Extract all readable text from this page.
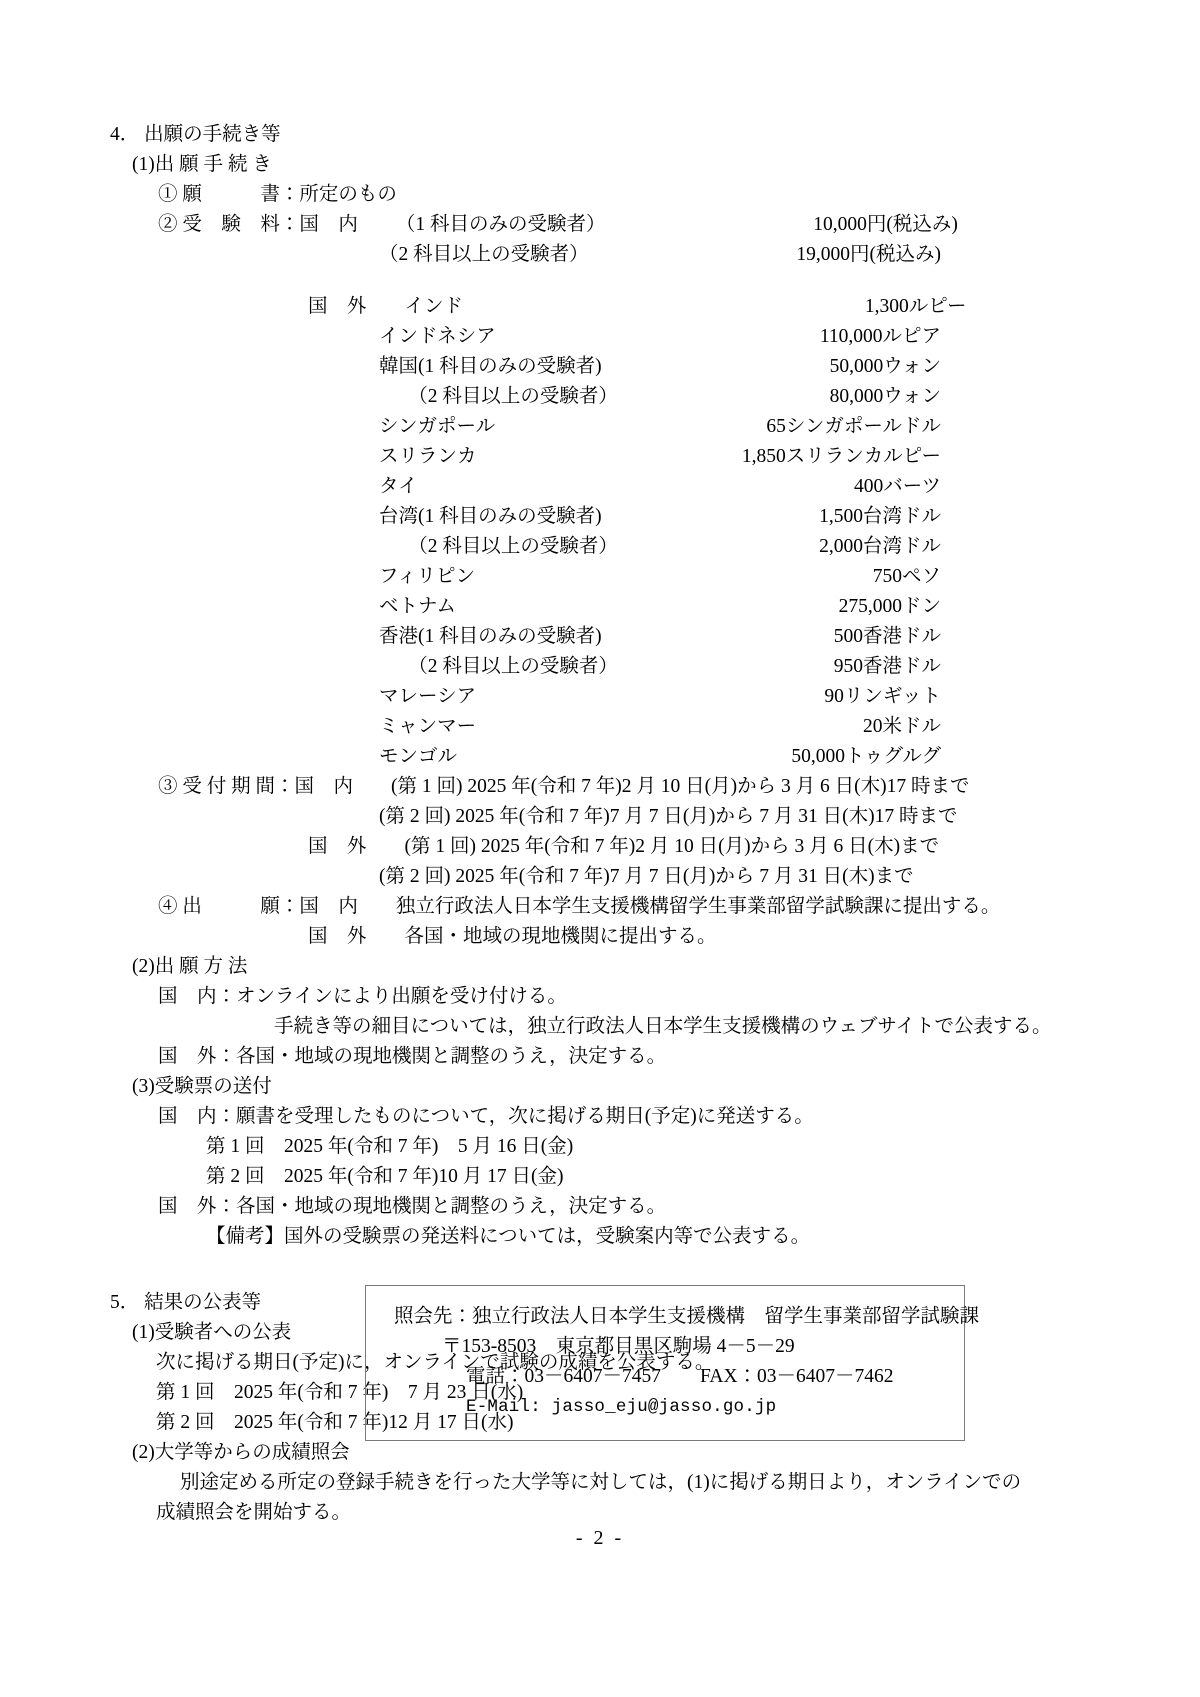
4． 出願の手続き等
(1)出 願 手 続 き
① 願　　　書：所定のもの
② 受　験　料： 国　内
（1 科目のみの受験者）	10,000円(税込み)

（2 科目以上の受験者）	19,000円(税込み)

国　外
インド	1,300ルピー

インドネシア	110,000ルピア

韓国(1 科目のみの受験者)	50,000ウォン

　　（2 科目以上の受験者）	80,000ウォン

シンガポール	65シンガポールドル

スリランカ	1,850スリランカルピー

タイ	400バーツ

台湾(1 科目のみの受験者)	1,500台湾ドル

　　（2 科目以上の受験者）	2,000台湾ドル

フィリピン	750ペソ

ベトナム	275,000ドン

香港(1 科目のみの受験者)	500香港ドル

　　（2 科目以上の受験者）	950香港ドル

マレーシア	90リンギット

ミャンマー	20米ドル

モンゴル	50,000トゥグルグ
③ 受 付 期 間： 国　内
(第 1 回) 2025 年(令和 7 年)2 月 10 日(月)から 3 月 6 日(木)17 時まで

(第 2 回) 2025 年(令和 7 年)7 月 7 日(月)から 7 月 31 日(木)17 時まで

国　外
(第 1 回) 2025 年(令和 7 年)2 月 10 日(月)から 3 月 6 日(木)まで

(第 2 回) 2025 年(令和 7 年)7 月 7 日(月)から 7 月 31 日(木)まで
④ 出　　　願： 国　内
独立行政法人日本学生支援機構留学生事業部留学試験課に提出する。

国　外
各国・地域の現地機関に提出する。
(2)出 願 方 法
国　内： オンラインにより出願を受け付ける。

手続き等の細目については，独立行政法人日本学生支援機構のウェブサイトで公表する。
国　外： 各国・地域の現地機関と調整のうえ，決定する。
(3)受験票の送付
国　内： 願書を受理したものについて，次に掲げる期日(予定)に発送する。
第 1 回　2025 年(令和 7 年)　5 月 16 日(金)
第 2 回　2025 年(令和 7 年)10 月 17 日(金)
国　外： 各国・地域の現地機関と調整のうえ，決定する。
【備考】国外の受験票の発送料については，受験案内等で公表する。
5． 結果の公表等
(1)受験者への公表
次に掲げる期日(予定)に，オンラインで試験の成績を公表する。
第 1 回　2025 年(令和 7 年)　7 月 23 日(水)
第 2 回　2025 年(令和 7 年)12 月 17 日(水)
(2)大学等からの成績照会
別途定める所定の登録手続きを行った大学等に対しては，(1)に掲げる期日より，オンラインでの
成績照会を開始する。
照会先：独立行政法人日本学生支援機構　留学生事業部留学試験課
〒153-8503　東京都目黒区駒場 4－5－29
電話：03－6407－7457　　FAX：03－6407－7462
E-Mail: jasso_eju@jasso.go.jp
- 2 -
